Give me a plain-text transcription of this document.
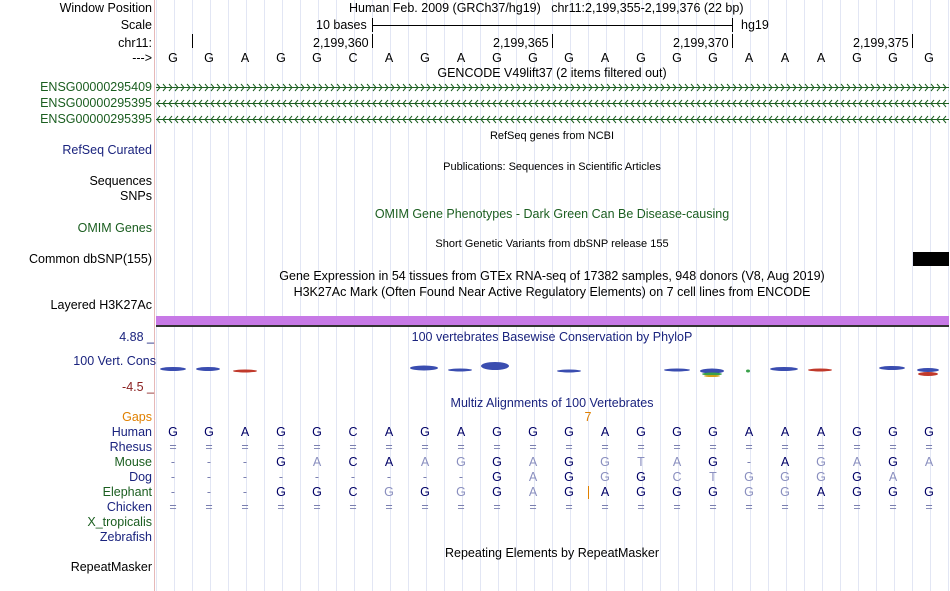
Window Position
Scale
chr11:
--->
Human Feb. 2009 (GRCh37/hg19) chr11:2,199,355-2,199,376 (22 bp)
10 bases	hg19
2,199,360	2,199,365	2,199,370	2,199,375
G	G	A	G	G	C	A	G	A	G	G	G	A	G	G	G	A	A	A	G	G	G
GENCODE V49lift37 (2 items filtered out)
ENSG00000295409
ENSG00000295395
ENSG00000295395
RefSeq genes from NCBI
RefSeq Curated
Publications: Sequences in Scientific Articles
Sequences
SNPs
OMIM Gene Phenotypes - Dark Green Can Be Disease-causing
OMIM Genes
Short Genetic Variants from dbSNP release 155
Common dbSNP(155)
Gene Expression in 54 tissues from GTEx RNA-seq of 17382 samples, 948 donors (V8, Aug 2019)
H3K27Ac Mark (Often Found Near Active Regulatory Elements) on 7 cell lines from ENCODE
Layered H3K27Ac
100 vertebrates Basewise Conservation by PhyloP
4.88 _
100 Vert. Cons
-4.5 _
Multiz Alignments of 100 Vertebrates
Gaps	7
Human	G	G	A	G	G	C	A	G	A	G	G	G	A	G	G	G	A	A	A	G	G	G
Rhesus	=	=	=	=	=	=	=	=	=	=	=	=	=	=	=	=	=	=	=	=	=	=
Mouse	-	-	-	G	A	C	A	A	G	G	A	G	G	T	A	G	-	A	G	A	G	A
Dog	-	-	-	-	-	-	-	-	-	G	A	G	G	G	C	T	G	G	G	G	A
Elephant	-	-	-	G	G	C	G	G	G	G	A	G	A	G	G	G	G	G	A	G	G	G
Chicken	=	=	=	=	=	=	=	=	=	=	=	=	=	=	=	=	=	=	=	=	=	=
X_tropicalis
Zebrafish
Repeating Elements by RepeatMasker
RepeatMasker
